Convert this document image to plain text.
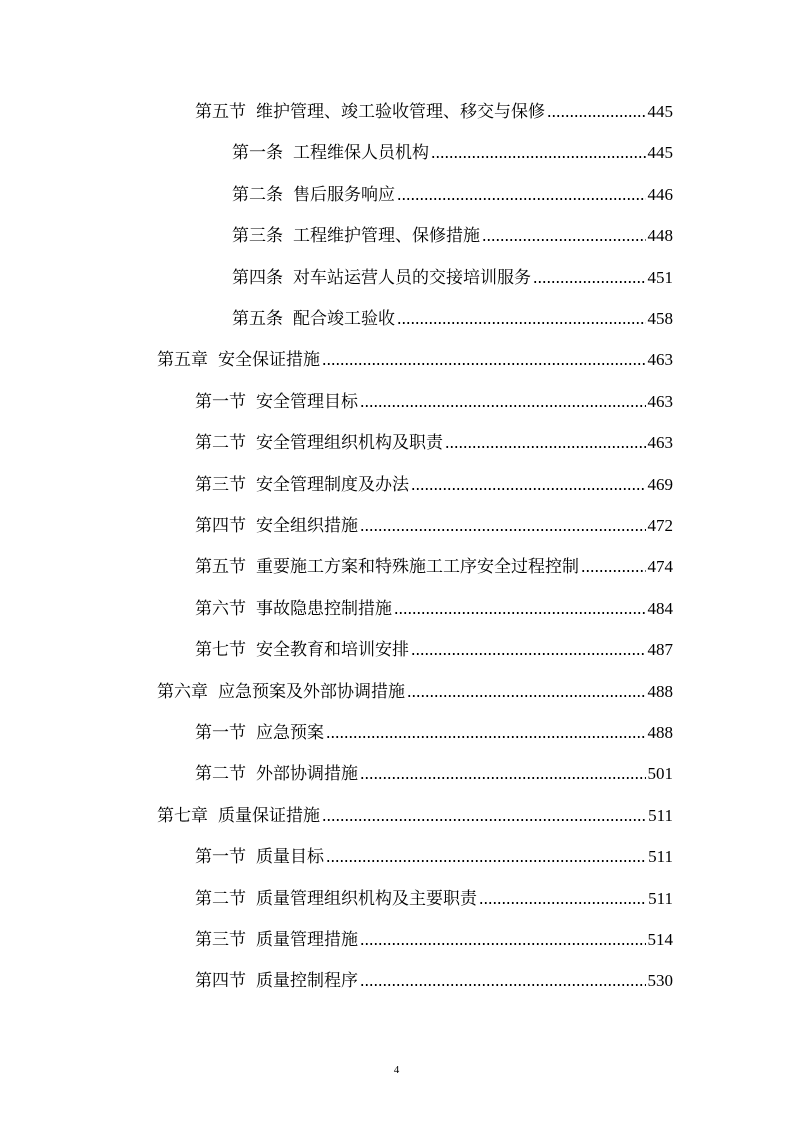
第五节 维护管理、竣工验收管理、移交与保修	445
第一条 工程维保人员机构	445
第二条 售后服务响应	446
第三条 工程维护管理、保修措施	448
第四条 对车站运营人员的交接培训服务	451
第五条 配合竣工验收	458
第五章 安全保证措施	463
第一节 安全管理目标	463
第二节 安全管理组织机构及职责	463
第三节 安全管理制度及办法	469
第四节 安全组织措施	472
第五节 重要施工方案和特殊施工工序安全过程控制	474
第六节 事故隐患控制措施	484
第七节 安全教育和培训安排	487
第六章 应急预案及外部协调措施	488
第一节 应急预案	488
第二节 外部协调措施	501
第七章 质量保证措施	511
第一节 质量目标	511
第二节 质量管理组织机构及主要职责	511
第三节 质量管理措施	514
第四节 质量控制程序	530
4
